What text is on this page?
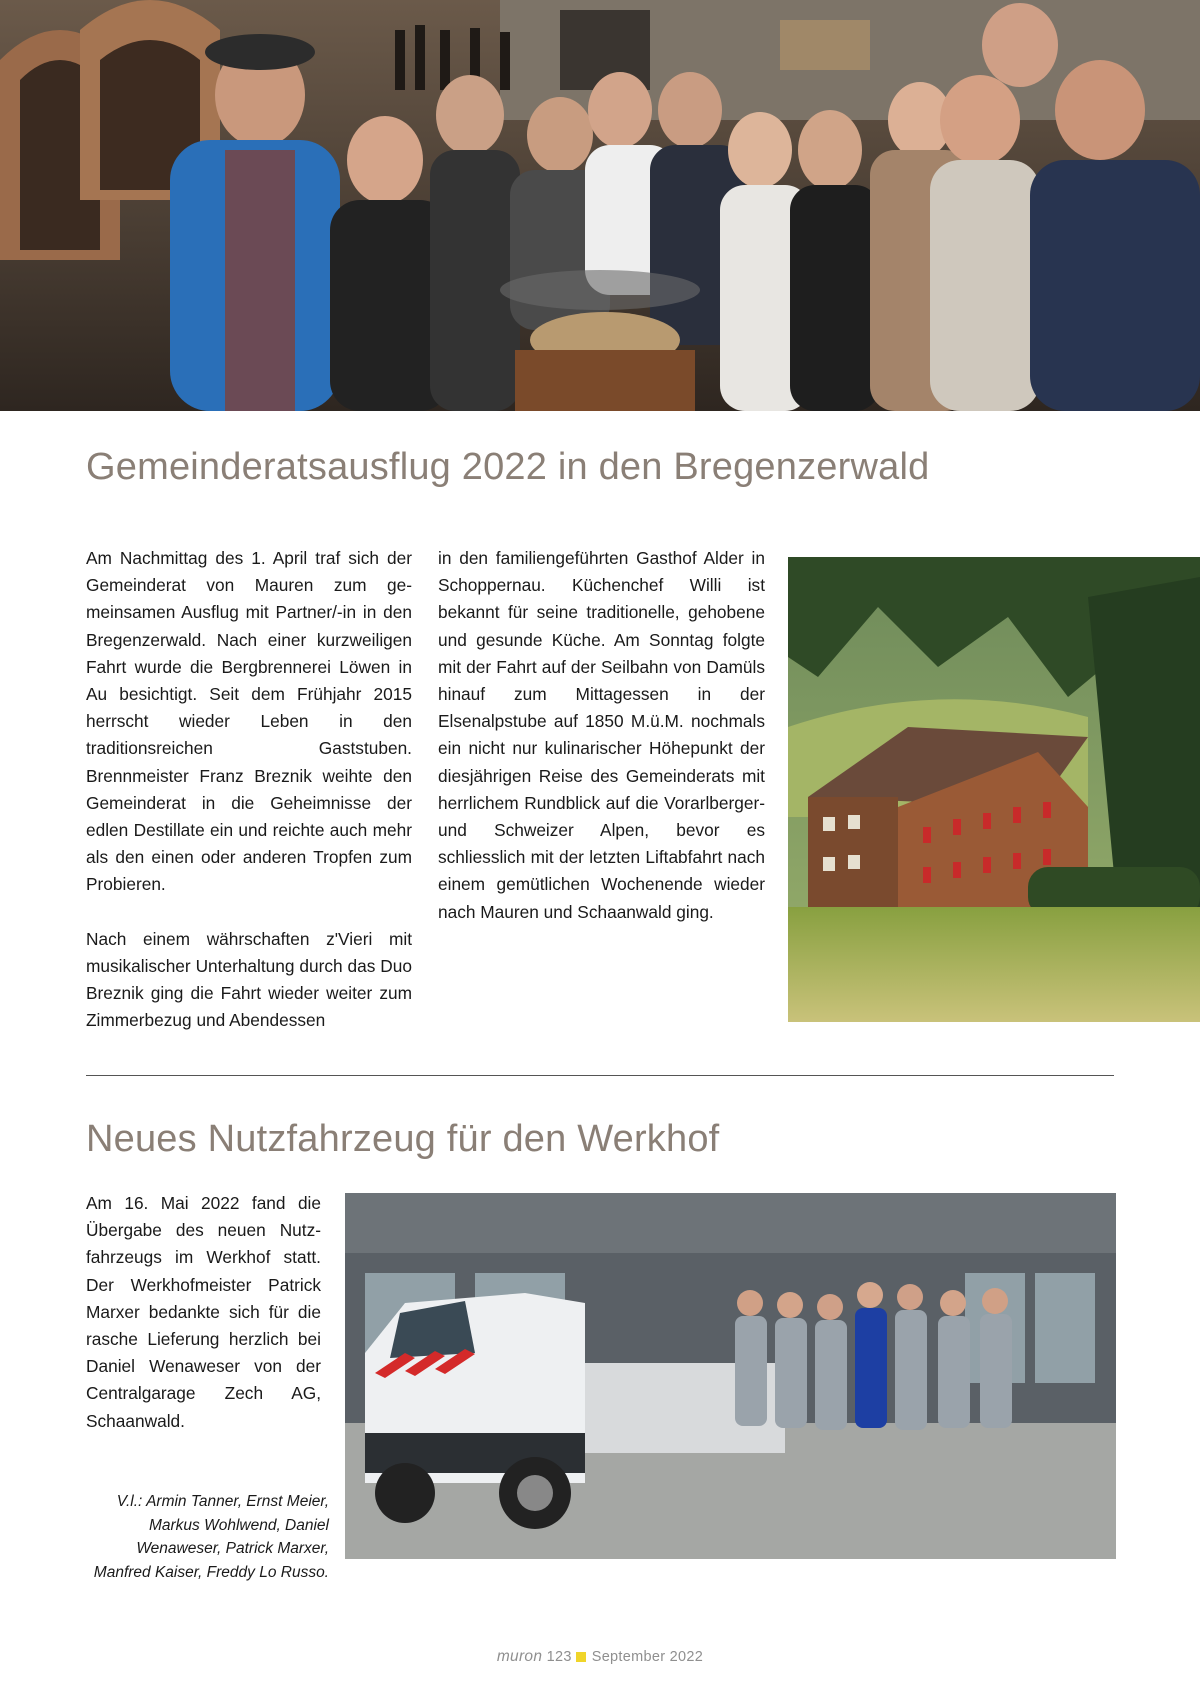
Gemeinderatsausflug 2022 in den Bregenzerwald

Am Nachmittag des 1. April traf sich der Gemeinderat von Mauren zum gemeinsamen Ausflug mit Partner/-in in den Bregenzerwald. Nach einer kurzweiligen Fahrt wurde die Bergbrennerei Löwen in Au besichtigt. Seit dem Frühjahr 2015 herrscht wieder Leben in den traditionsreichen Gaststuben. Brennmeister Franz Breznik weihte den Gemeinderat in die Geheimnisse der edlen Destillate ein und reichte auch mehr als den einen oder anderen Tropfen zum Probieren.

Nach einem währschaften z'Vieri mit musikalischer Unterhaltung durch das Duo Breznik ging die Fahrt wieder weiter zum Zimmerbezug und Abendessen

in den familiengeführten Gasthof Alder in Schoppernau. Küchenchef Willi ist bekannt für seine traditionelle, gehobene und gesunde Küche. Am Sonntag folgte mit der Fahrt auf der Seilbahn von Damüls hinauf zum Mittagessen in der Elsenalpstube auf 1850 M.ü.M. nochmals ein nicht nur kulinarischer Höhepunkt der diesjährigen Reise des Gemeinderats mit herrlichem Rundblick auf die Vorarlberger- und Schweizer Alpen, bevor es schliesslich mit der letzten Liftabfahrt nach einem gemütlichen Wochenende wieder nach Mauren und Schaanwald ging.

Neues Nutzfahrzeug für den Werkhof

Am 16. Mai 2022 fand die Übergabe des neuen Nutzfahrzeugs im Werkhof statt. Der Werkhofmeister Patrick Marxer bedankte sich für die rasche Lieferung herzlich bei Daniel Wenaweser von der Centralgarage Zech AG, Schaanwald.

V.l.: Armin Tanner, Ernst Meier, Markus Wohlwend, Daniel Wenaweser, Patrick Marxer, Manfred Kaiser, Freddy Lo Russo.
muron 123 September 2022
